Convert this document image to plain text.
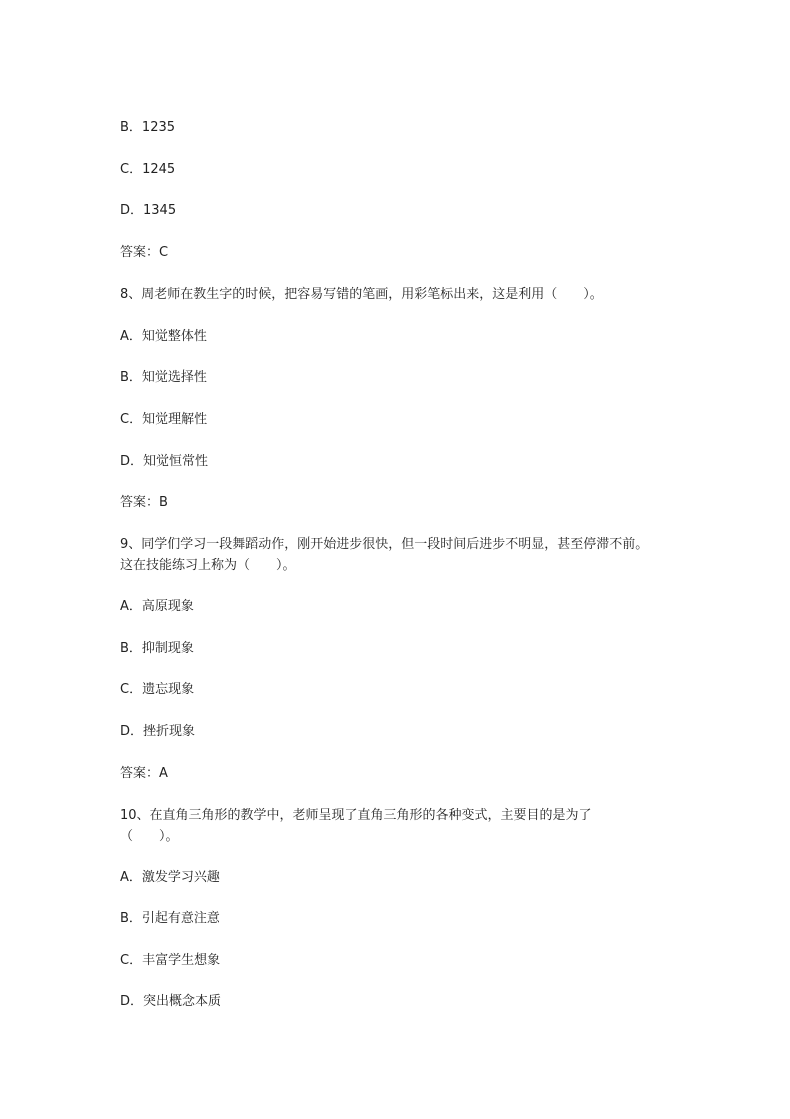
B．1235

C．1245

D．1345

答案：C

8、周老师在教生字的时候，把容易写错的笔画，用彩笔标出来，这是利用（　　）。

A．知觉整体性

B．知觉选择性

C．知觉理解性

D．知觉恒常性

答案：B

9、同学们学习一段舞蹈动作，刚开始进步很快，但一段时间后进步不明显，甚至停滞不前。这在技能练习上称为（　　）。

A．高原现象

B．抑制现象

C．遗忘现象

D．挫折现象

答案：A

10、在直角三角形的教学中，老师呈现了直角三角形的各种变式，主要目的是为了（　　）。

A．激发学习兴趣

B．引起有意注意

C．丰富学生想象

D．突出概念本质
